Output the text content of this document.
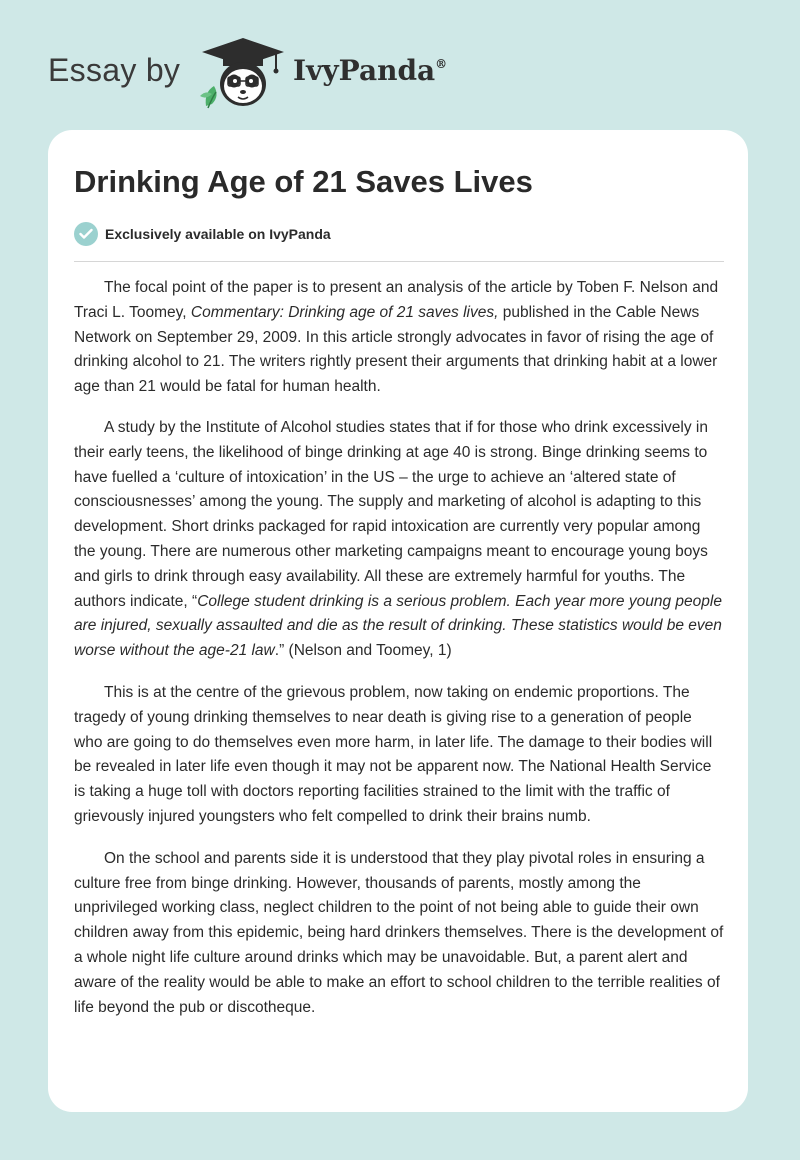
Essay by	IvyPanda®
Drinking Age of 21 Saves Lives
Exclusively available on IvyPanda

The focal point of the paper is to present an analysis of the article by Toben F. Nelson and Traci L. Toomey, Commentary: Drinking age of 21 saves lives, published in the Cable News Network on September 29, 2009. In this article strongly advocates in favor of rising the age of drinking alcohol to 21. The writers rightly present their arguments that drinking habit at a lower age than 21 would be fatal for human health.

A study by the Institute of Alcohol studies states that if for those who drink excessively in their early teens, the likelihood of binge drinking at age 40 is strong. Binge drinking seems to have fuelled a ‘culture of intoxication’ in the US – the urge to achieve an ‘altered state of consciousnesses’ among the young. The supply and marketing of alcohol is adapting to this development. Short drinks packaged for rapid intoxication are currently very popular among the young. There are numerous other marketing campaigns meant to encourage young boys and girls to drink through easy availability. All these are extremely harmful for youths. The authors indicate, “College student drinking is a serious problem. Each year more young people are injured, sexually assaulted and die as the result of drinking. These statistics would be even worse without the age-21 law.” (Nelson and Toomey, 1)

This is at the centre of the grievous problem, now taking on endemic proportions. The tragedy of young drinking themselves to near death is giving rise to a generation of people who are going to do themselves even more harm, in later life. The damage to their bodies will be revealed in later life even though it may not be apparent now. The National Health Service is taking a huge toll with doctors reporting facilities strained to the limit with the traffic of grievously injured youngsters who felt compelled to drink their brains numb.

On the school and parents side it is understood that they play pivotal roles in ensuring a culture free from binge drinking. However, thousands of parents, mostly among the unprivileged working class, neglect children to the point of not being able to guide their own children away from this epidemic, being hard drinkers themselves. There is the development of a whole night life culture around drinks which may be unavoidable. But, a parent alert and aware of the reality would be able to make an effort to school children to the terrible realities of life beyond the pub or discotheque.
